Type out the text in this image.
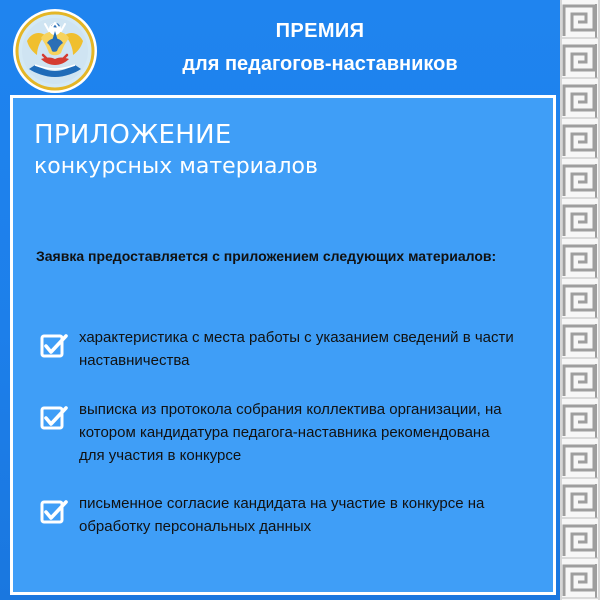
ПРЕМИЯ
для педагогов-наставников
ПРИЛОЖЕНИЕ
конкурсных материалов
Заявка предоставляется с приложением следующих материалов:
характеристика с места работы с указанием сведений в части наставничества
выписка из протокола собрания коллектива организации, на котором кандидатура педагога-наставника рекомендована для участия в конкурсе
письменное согласие кандидата на участие в конкурсе на обработку персональных данных
